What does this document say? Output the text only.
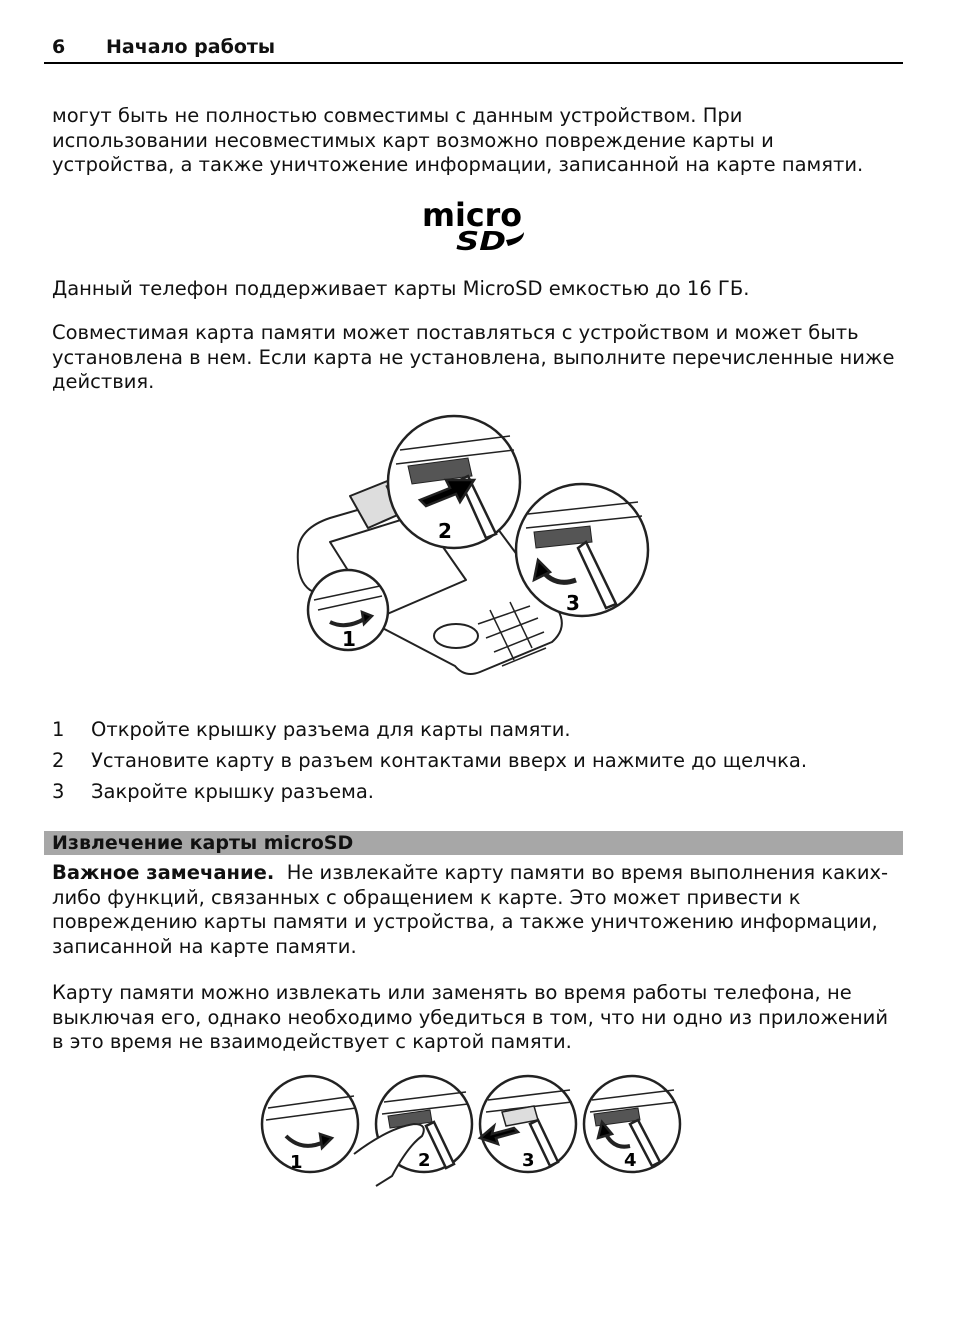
6 Начало работы

могут быть не полностью совместимы с данным устройством. При использовании несовместимых карт возможно повреждение карты и устройства, а также уничтожение информации, записанной на карте памяти.

micro
SD

Данный телефон поддерживает карты MicroSD емкостью до 16 ГБ.

Совместимая карта памяти может поставляться с устройством и может быть установлена в нем. Если карта не установлена, выполните перечисленные ниже действия.

1
2
3
1 Откройте крышку разъема для карты памяти.
2 Установите карту в разъем контактами вверх и нажмите до щелчка.
3 Закройте крышку разъема.
Извлечение карты microSD

Важное замечание. Не извлекайте карту памяти во время выполнения каких-либо функций, связанных с обращением к карте. Это может привести к повреждению карты памяти и устройства, а также уничтожению информации, записанной на карте памяти.

Карту памяти можно извлекать или заменять во время работы телефона, не выключая его, однако необходимо убедиться в том, что ни одно из приложений в это время не взаимодействует с картой памяти.

1	2	3	4
